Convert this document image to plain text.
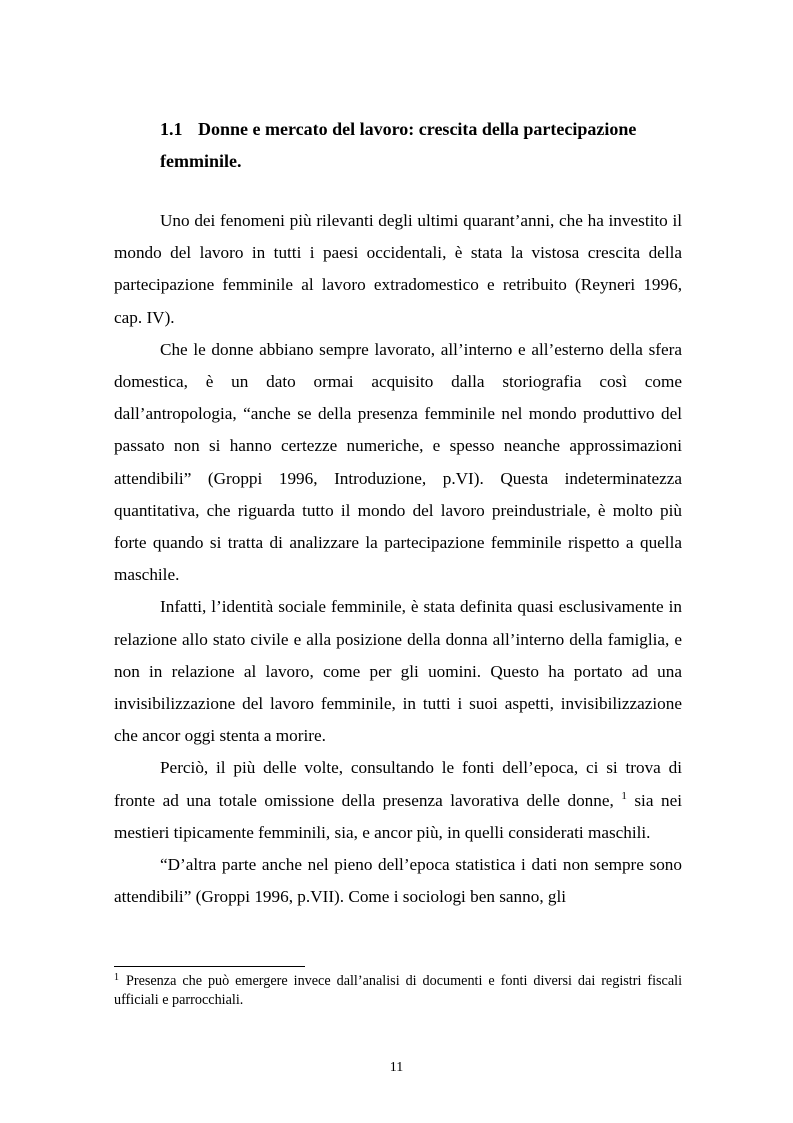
1.1 Donne e mercato del lavoro: crescita della partecipazione femminile.

Uno dei fenomeni più rilevanti degli ultimi quarant’anni, che ha investito il mondo del lavoro in tutti i paesi occidentali, è stata la vistosa crescita della partecipazione femminile al lavoro extradomestico e retribuito (Reyneri 1996, cap. IV).

Che le donne abbiano sempre lavorato, all’interno e all’esterno della sfera domestica, è un dato ormai acquisito dalla storiografia così come dall’antropologia, “anche se della presenza femminile nel mondo produttivo del passato non si hanno certezze numeriche, e spesso neanche approssimazioni attendibili” (Groppi 1996, Introduzione, p.VI). Questa indeterminatezza quantitativa, che riguarda tutto il mondo del lavoro preindustriale, è molto più forte quando si tratta di analizzare la partecipazione femminile rispetto a quella maschile.

Infatti, l’identità sociale femminile, è stata definita quasi esclusivamente in relazione allo stato civile e alla posizione della donna all’interno della famiglia, e non in relazione al lavoro, come per gli uomini. Questo ha portato ad una invisibilizzazione del lavoro femminile, in tutti i suoi aspetti, invisibilizzazione che ancor oggi stenta a morire.

Perciò, il più delle volte, consultando le fonti dell’epoca, ci si trova di fronte ad una totale omissione della presenza lavorativa delle donne, $^1$ sia nei mestieri tipicamente femminili, sia, e ancor più, in quelli considerati maschili.

“D’altra parte anche nel pieno dell’epoca statistica i dati non sempre sono attendibili” (Groppi 1996, p.VII). Come i sociologi ben sanno, gli

$^1$ Presenza che può emergere invece dall’analisi di documenti e fonti diversi dai registri fiscali ufficiali e parrocchiali.
11
